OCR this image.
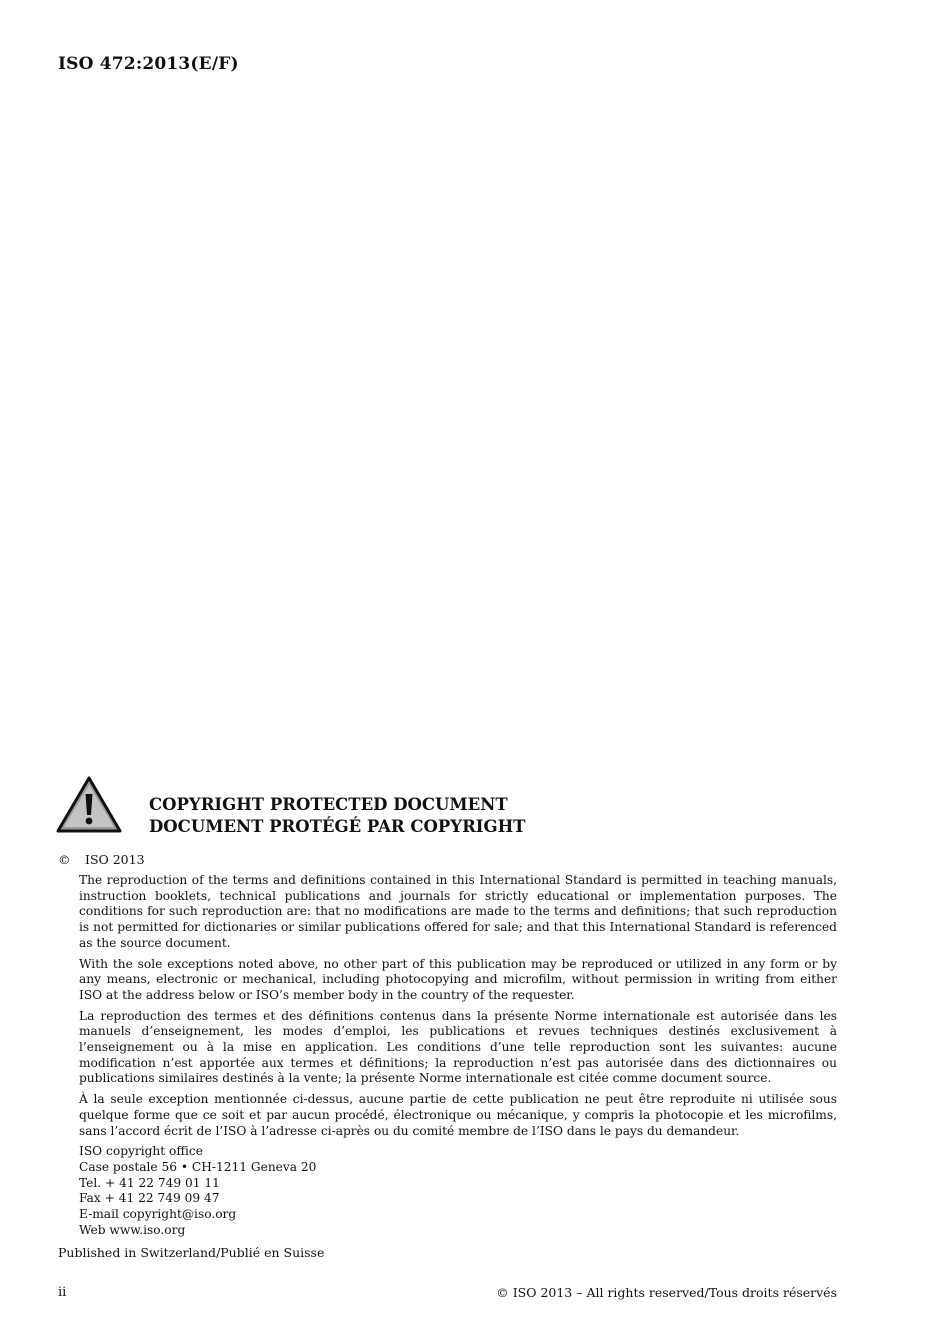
ISO 472:2013(E/F)
COPYRIGHT PROTECTED DOCUMENT
DOCUMENT PROTÉGÉ PAR COPYRIGHT
© ISO 2013

The reproduction of the terms and definitions contained in this International Standard is permitted in teaching manuals, instruction booklets, technical publications and journals for strictly educational or implementation purposes. The conditions for such reproduction are: that no modifications are made to the terms and definitions; that such reproduction is not permitted for dictionaries or similar publications offered for sale; and that this International Standard is referenced as the source document.

With the sole exceptions noted above, no other part of this publication may be reproduced or utilized in any form or by any means, electronic or mechanical, including photocopying and microfilm, without permission in writing from either ISO at the address below or ISO’s member body in the country of the requester.

La reproduction des termes et des définitions contenus dans la présente Norme internationale est autorisée dans les manuels d’enseignement, les modes d’emploi, les publications et revues techniques destinés exclusivement à l’enseignement ou à la mise en application. Les conditions d’une telle reproduction sont les suivantes: aucune modification n’est apportée aux termes et définitions; la reproduction n’est pas autorisée dans des dictionnaires ou publications similaires destinés à la vente; la présente Norme internationale est citée comme document source.

À la seule exception mentionnée ci-dessus, aucune partie de cette publication ne peut être reproduite ni utilisée sous quelque forme que ce soit et par aucun procédé, électronique ou mécanique, y compris la photocopie et les microfilms, sans l’accord écrit de l’ISO à l’adresse ci-après ou du comité membre de l’ISO dans le pays du demandeur.

ISO copyright office
Case postale 56 • CH-1211 Geneva 20
Tel. + 41 22 749 01 11
Fax + 41 22 749 09 47
E-mail copyright@iso.org
Web www.iso.org
Published in Switzerland/Publié en Suisse
ii	© ISO 2013 – All rights reserved/Tous droits réservés
